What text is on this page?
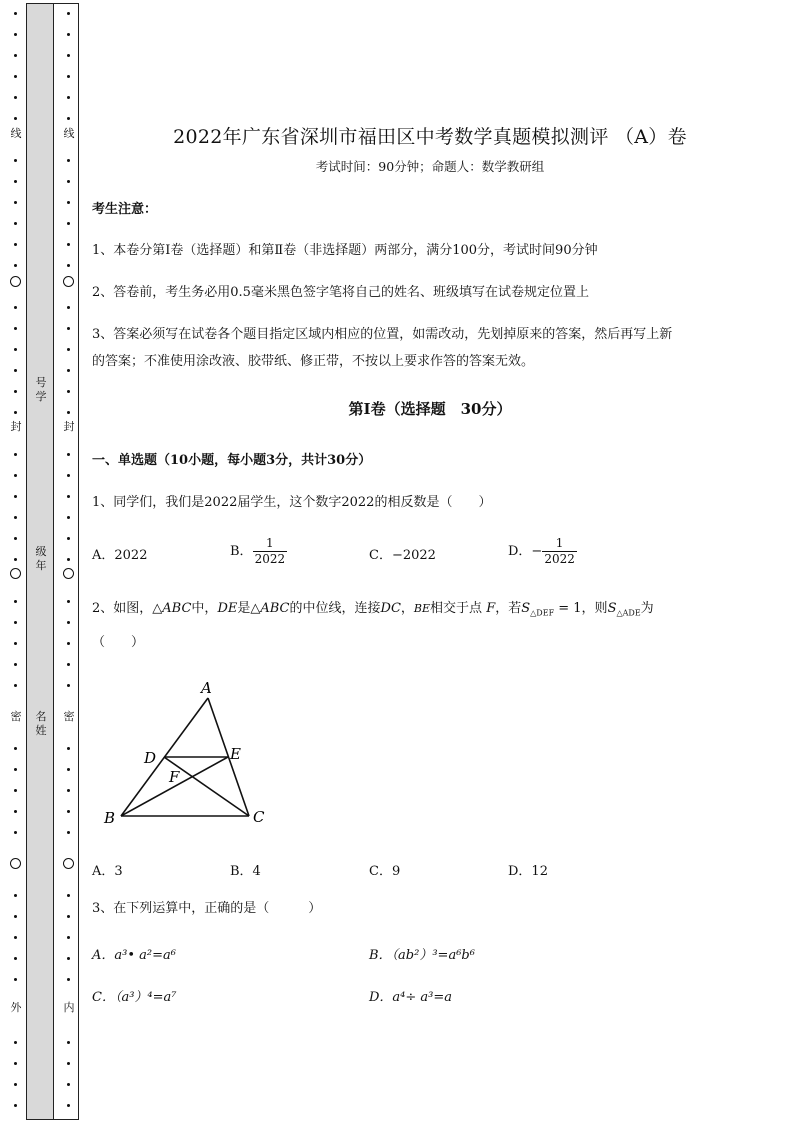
线
封
密
外
线
封
密
内
号学
级年
名姓
2022年广东省深圳市福田区中考数学真题模拟测评 （A）卷
考试时间：90分钟；命题人：数学教研组
考生注意：
1、本卷分第I卷（选择题）和第Ⅱ卷（非选择题）两部分，满分100分，考试时间90分钟
2、答卷前，考生务必用0.5毫米黑色签字笔将自己的姓名、班级填写在试卷规定位置上
3、答案必须写在试卷各个题目指定区域内相应的位置，如需改动，先划掉原来的答案，然后再写上新
的答案；不准使用涂改液、胶带纸、修正带，不按以上要求作答的答案无效。
第I卷（选择题　30分）
一、单选题（10小题，每小题3分，共计30分）
1、同学们，我们是2022届学生，这个数字2022的相反数是（　　）
A．2022	B． $\frac{1}{2022}$	C．−2022	D．− $\frac{1}{2022}$
2、如图，△ABC中，DE是△ABC的中位线，连接DC，BE相交于点 F，若$S_{\triangle DEF} = 1$，则$S_{\triangle ADE}$为
（　　）
A
B	C
D	E
F
A．3	B．4	C．9	D．12
3、在下列运算中，正确的是（　　　）
A．a³• a²=a⁶	B．（ab²）³=a⁶b⁶
C．（a³）⁴=a⁷	D．a⁴÷ a³=a
